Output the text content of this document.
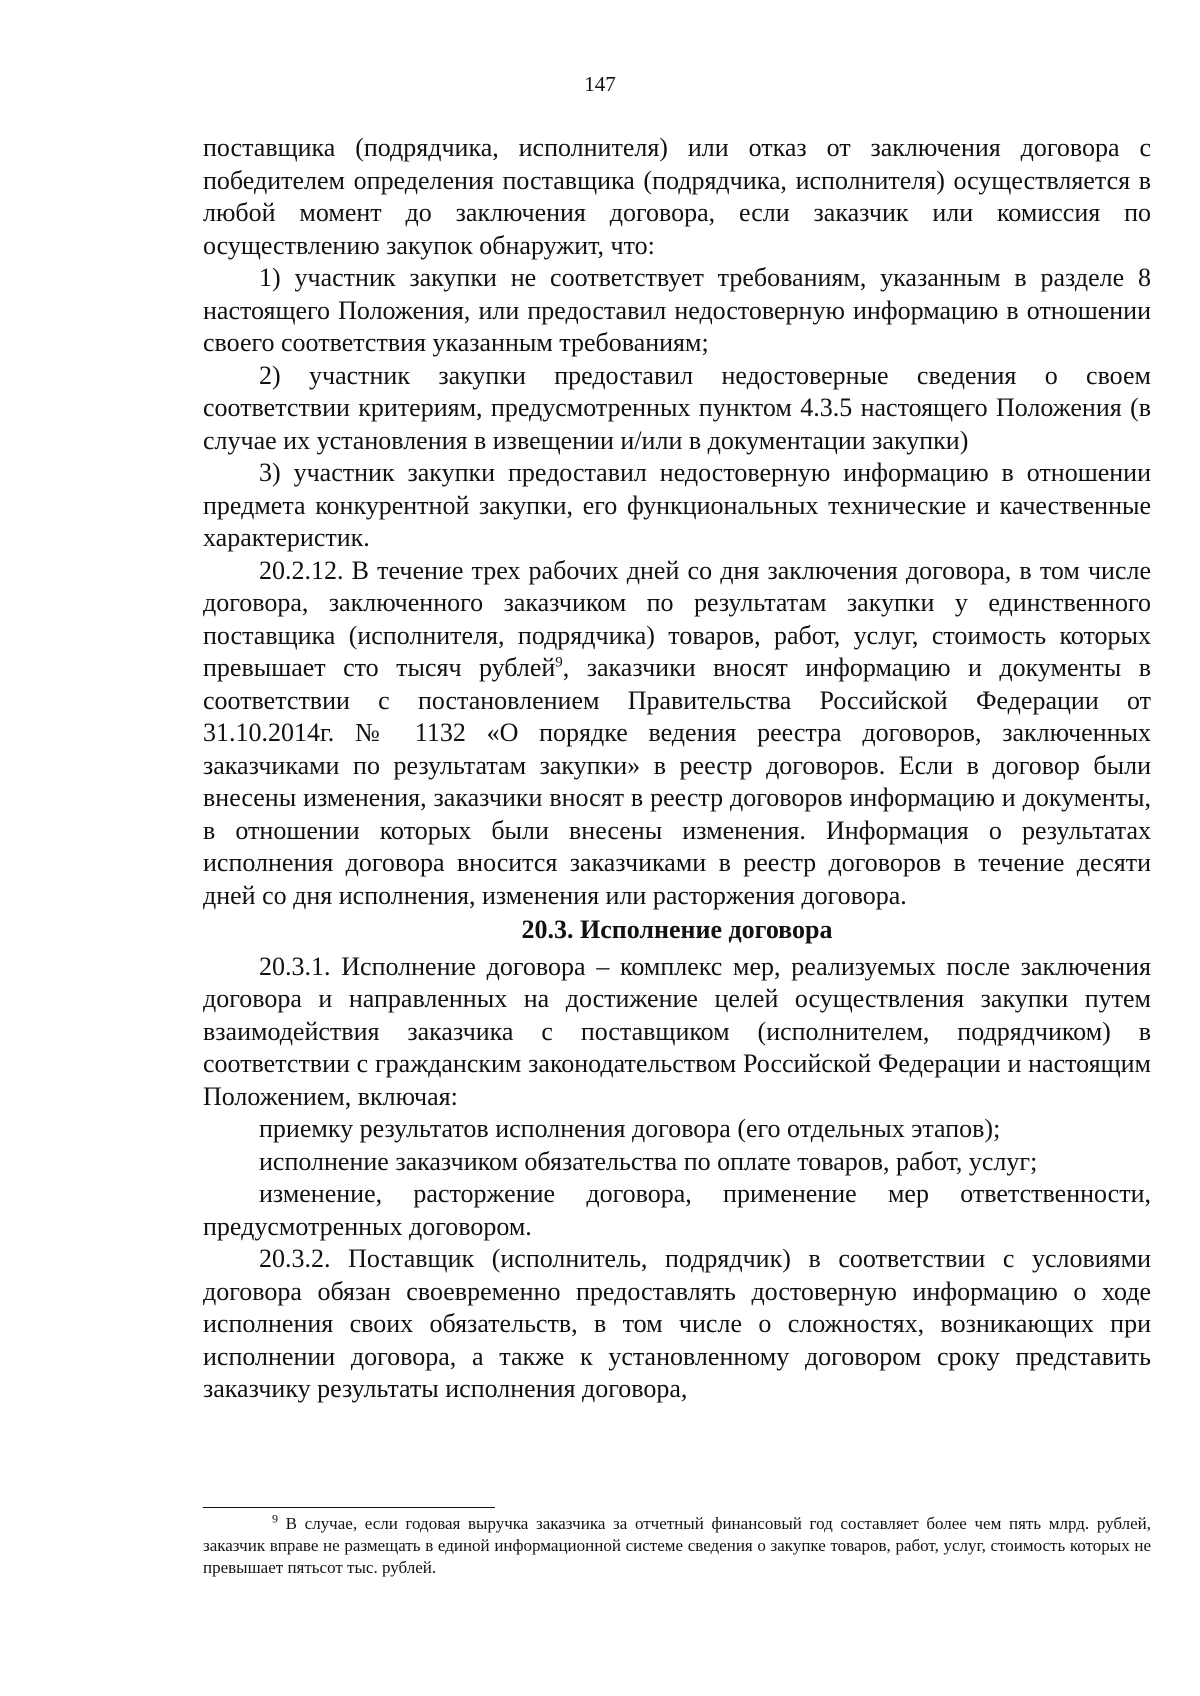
147

поставщика (подрядчика, исполнителя) или отказ от заключения договора с победителем определения поставщика (подрядчика, исполнителя) осуществляется в любой момент до заключения договора, если заказчик или комиссия по осуществлению закупок обнаружит, что:

1) участник закупки не соответствует требованиям, указанным в разделе 8 настоящего Положения, или предоставил недостоверную информацию в отношении своего соответствия указанным требованиям;

2) участник закупки предоставил недостоверные сведения о своем соответствии критериям, предусмотренных пунктом 4.3.5 настоящего Положения (в случае их установления в извещении и/или в документации закупки)

3) участник закупки предоставил недостоверную информацию в отношении предмета конкурентной закупки, его функциональных технические и качественные характеристик.

20.2.12. В течение трех рабочих дней со дня заключения договора, в том числе договора, заключенного заказчиком по результатам закупки у единственного поставщика (исполнителя, подрядчика) товаров, работ, услуг, стоимость которых превышает сто тысяч рублей$^9$, заказчики вносят информацию и документы в соответствии с постановлением Правительства Российской Федерации от 31.10.2014г. № 1132 «О порядке ведения реестра договоров, заключенных заказчиками по результатам закупки» в реестр договоров. Если в договор были внесены изменения, заказчики вносят в реестр договоров информацию и документы, в отношении которых были внесены изменения. Информация о результатах исполнения договора вносится заказчиками в реестр договоров в течение десяти дней со дня исполнения, изменения или расторжения договора.

20.3. Исполнение договора

20.3.1. Исполнение договора – комплекс мер, реализуемых после заключения договора и направленных на достижение целей осуществления закупки путем взаимодействия заказчика с поставщиком (исполнителем, подрядчиком) в соответствии с гражданским законодательством Российской Федерации и настоящим Положением, включая:

приемку результатов исполнения договора (его отдельных этапов);

исполнение заказчиком обязательства по оплате товаров, работ, услуг;

изменение, расторжение договора, применение мер ответственности, предусмотренных договором.

20.3.2. Поставщик (исполнитель, подрядчик) в соответствии с условиями договора обязан своевременно предоставлять достоверную информацию о ходе исполнения своих обязательств, в том числе о сложностях, возникающих при исполнении договора, а также к установленному договором сроку представить заказчику результаты исполнения договора,

$^9$ В случае, если годовая выручка заказчика за отчетный финансовый год составляет более чем пять млрд. рублей, заказчик вправе не размещать в единой информационной системе сведения о закупке товаров, работ, услуг, стоимость которых не превышает пятьсот тыс. рублей.
